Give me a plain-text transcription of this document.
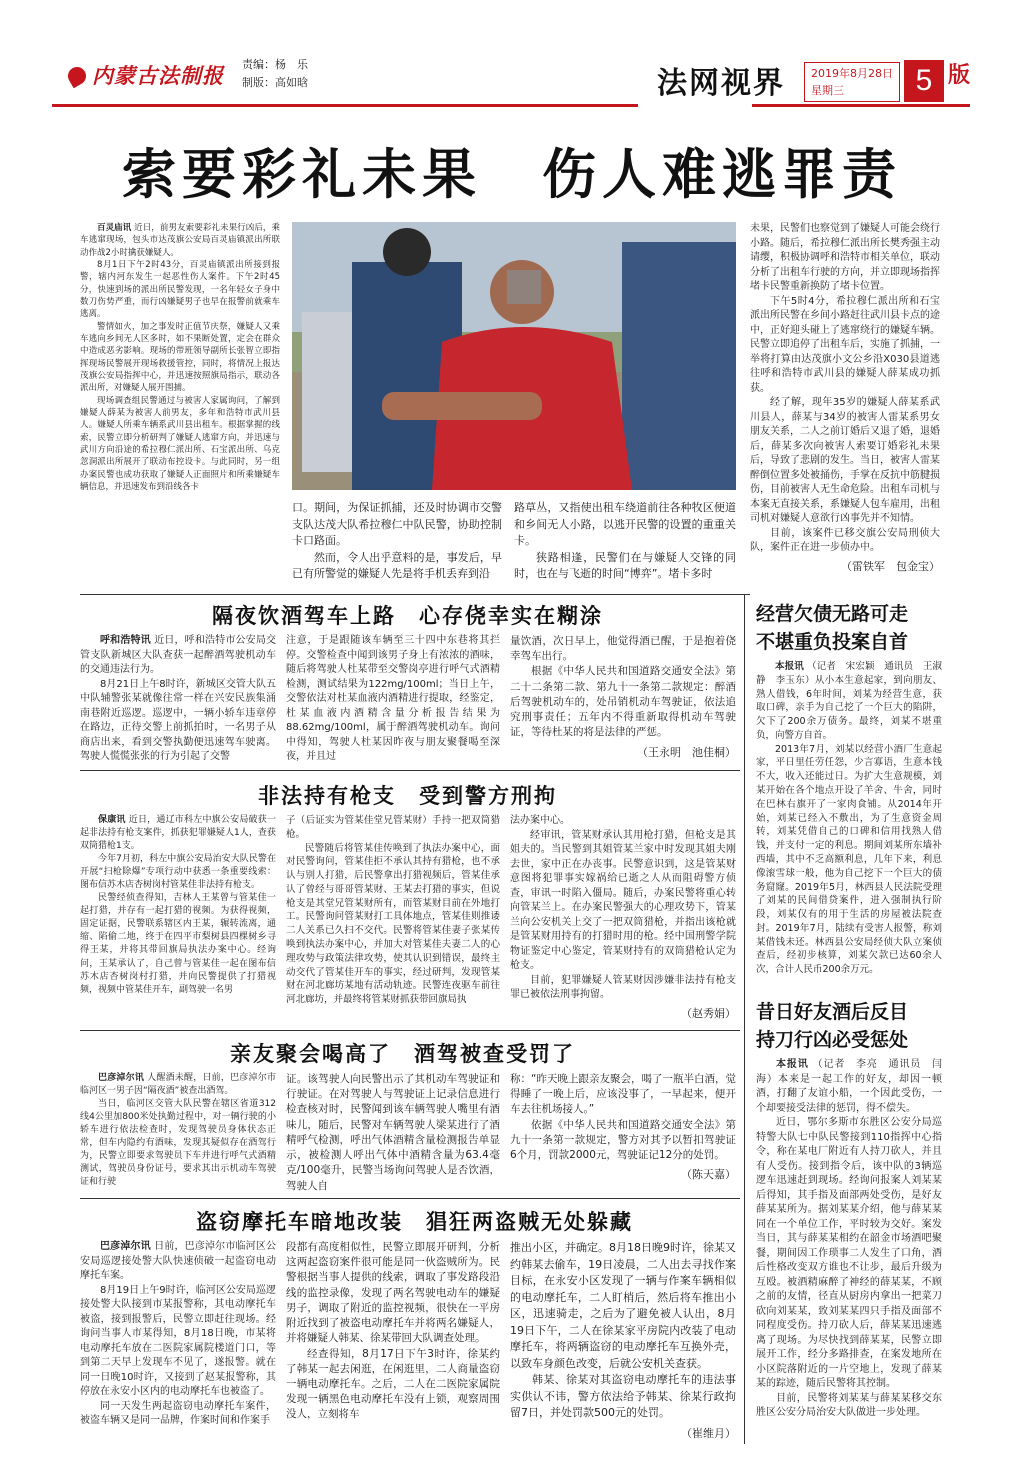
内蒙古法制报 责编：杨　乐
制版：高如晗	法网视界 2019年8月28日
星期三	5 版
索要彩礼未果　伤人难逃罪责

百灵庙讯 近日，前男友索要彩礼未果行凶后，乘车逃窜现场，包头市达茂旗公安局百灵庙镇派出所联动作战2小时擒获嫌疑人。

8月1日下午2时43分，百灵庙镇派出所接到报警，辖内河东发生一起恶性伤人案件。下午2时45分，快速到场的派出所民警发现，一名年轻女子身中数刀伤势严重，而行凶嫌疑男子也早在报警前就乘车逃离。

警情如火，加之事发时正值节庆祭，嫌疑人又乘车逃向乡间无人区多时，如不果断处置，定会在群众中造成恶劣影响。现场的带班领导副所长张智立即指挥现场民警展开现场救援管控，同时，将情况上报达茂旗公安局指挥中心，并迅速按照旗局指示，联动各派出所，对嫌疑人展开围捕。

现场调查组民警通过与被害人家属询问，了解到嫌疑人薛某为被害人前男友，多年和浩特市武川县人。嫌疑人所乘车辆系武川县出租车。根据掌握的线索，民警立即分析研判了嫌疑人逃窜方向，并迅速与武川方向沿途的希拉穆仁派出所、石宝派出所、乌克忽洞派出所展开了联动布控设卡。与此同时，另一组办案民警也成功获取了嫌疑人正面照片和所乘嫌疑车辆信息，并迅速发布到沿线各卡

口。期间，为保证抓捕，还及时协调市交警支队达茂大队希拉穆仁中队民警，协助控制卡口路面。

然而，令人出乎意料的是，事发后，早已有所警觉的嫌疑人先是将手机丢弃到沿

路草丛，又指使出租车绕道前往各种牧区便道和乡间无人小路，以逃开民警的设置的重重关卡。

狭路相逢，民警们在与嫌疑人交锋的同时，也在与飞逝的时间“博弈”。堵卡多时

未果，民警们也察觉到了嫌疑人可能会绕行小路。随后，希拉穆仁派出所长樊秀强主动请缨，积极协调呼和浩特市相关单位，联动分析了出租车行驶的方向，并立即现场指挥堵卡民警重新换防了堵卡位置。

下午5时4分，希拉穆仁派出所和石宝派出所民警在乡间小路赶往武川县卡点的途中，正好迎头碰上了逃窜绕行的嫌疑车辆。民警立即追停了出租车后，实施了抓捕，一举将打算由达茂旗小文公乡沿X030县道逃往呼和浩特市武川县的嫌疑人薛某成功抓获。

经了解，现年35岁的嫌疑人薛某系武川县人，薛某与34岁的被害人雷某系男女朋友关系，二人之前订婚后又退了婚，退婚后，薛某多次向被害人索要订婚彩礼未果后，导致了悲剧的发生。当日，被害人雷某醉倒位置多处被捅伤，手掌在反抗中筋腱损伤，目前被害人无生命危险。出租车司机与本案无直接关系，系嫌疑人包车雇用，出租司机对嫌疑人意欲行凶事先并不知情。

目前，该案件已移交旗公安局刑侦大队，案件正在进一步侦办中。

（雷铁军　包金宝）
隔夜饮酒驾车上路　心存侥幸实在糊涂

呼和浩特讯 近日，呼和浩特市公安局交管支队新城区大队查获一起醉酒驾驶机动车的交通违法行为。

8月21日上午8时许，新城区交管大队五中队辅警张某就像往常一样在兴安民族集涌南巷附近巡逻。巡逻中，一辆小轿车违章停在路边，正待交警上前抓拍时，一名男子从商店出来，看到交警执勤便迅速驾车驶离。驾驶人慌慌张张的行为引起了交警

注意，于是跟随该车辆至三十四中东巷将其拦停。交警检查中闻到该男子身上有浓浓的酒味，随后将驾驶人杜某带至交警岗亭进行呼气式酒精检测，测试结果为122mg/100ml；当日上午，交警依法对杜某血液内酒精进行提取，经鉴定，杜某血液内酒精含量分析报告结果为88.62mg/100ml，属于醉酒驾驶机动车。询问中得知，驾驶人杜某因昨夜与朋友聚餐喝至深夜，并且过

量饮酒，次日早上，他觉得酒已醒，于是抱着侥幸驾车出行。

根据《中华人民共和国道路交通安全法》第二十二条第二款、第九十一条第二款规定：醉酒后驾驶机动车的，处吊销机动车驾驶证，依法追究刑事责任；五年内不得重新取得机动车驾驶证，等待杜某的将是法律的严惩。

（王永明　池佳桐）
非法持有枪支　受到警方刑拘

保康讯 近日，通辽市科左中旗公安局破获一起非法持有枪支案件，抓获犯罪嫌疑人1人，查获双筒猎枪1支。

今年7月初，科左中旗公安局治安大队民警在开展“扫枪除爆”专项行动中获悉一条重要线索：图布信苏木店杏树岗村管某佳非法持有枪支。

民警经侦查得知，吉林人王某曾与管某佳一起打猎，并存有一起打猎的视频。为获得视频，固定证据，民警联系辖区内王某，辗转流离，通缩、陷偷二地，终于在四平市梨树县四棵树乡寻得王某，并将其带回旗局执法办案中心。经询问，王某承认了，自己曾与管某佳一起在图布信苏木店杏树岗村打猎，并向民警提供了打猎视频，视频中管某佳开车，副驾驶一名男

子（后证实为管某佳堂兄管某财）手持一把双筒猎枪。

民警随后将管某佳传唤到了执法办案中心，面对民警询问，管某佳拒不承认其持有猎枪，也不承认与别人打猎，后民警拿出打猎视频后，管某佳承认了曾经与哥哥管某财、王某去打猎的事实，但说枪支是其堂兄管某财所有，而管某财目前在外地打工。民警询问管某财打工具体地点，管某佳则推诿二人关系已久扫不交代。民警将管某佳妻子张某传唤到执法办案中心，并加大对管某佳夫妻二人的心理攻势与政策法律攻势，使其认识到错误，最终主动交代了管某佳开车的事实，经过研判，发现管某财在河北廊坊某地有活动轨迹。民警连夜驱车前往河北廊坊，并最终将管某财抓获带回旗局执

法办案中心。

经审讯，管某财承认其用枪打猎，但枪支是其姐夫的。当民警到其姐管某兰家中时发现其姐夫刚去世，家中正在办丧事。民警意识到，这是管某财意图将犯罪事实嫁祸给已逝之人从而阻碍警方侦查，审讯一时陷入僵局。随后，办案民警将重心转向管某兰上。在办案民警强大的心理攻势下，管某兰向公安机关上交了一把双筒猎枪，并指出该枪就是管某财用持有的打猎时用的枪。经中国刑警学院物证鉴定中心鉴定，管某财持有的双筒猎枪认定为枪支。

目前，犯罪嫌疑人管某财因涉嫌非法持有枪支罪已被依法刑事拘留。

（赵秀娟）
亲友聚会喝高了　酒驾被查受罚了

巴彦淖尔讯 人醒酒未醒，日前，巴彦淖尔市临河区一男子因“隔夜酒”被查出酒驾。

当日，临河区交管大队民警在辖区省道312线4公里加800米处执勤过程中，对一辆行驶的小轿车进行依法检查时，发现驾驶员身体状态正常，但车内隐约有酒味，发现其疑似存在酒驾行为，民警立即要求驾驶员下车并进行呼气式酒精测试，驾驶员身份证号，要求其出示机动车驾驶证和行驶

证。该驾驶人向民警出示了其机动车驾驶证和行驶证。在对驾驶人与驾驶证上记录信息进行检查核对时，民警闻到该车辆驾驶人嘴里有酒味儿，随后，民警对车辆驾驶人梁某进行了酒精呼气检测，呼出气体酒精含量检测报告单显示，被检测人呼出气体中酒精含量为63.4毫克/100毫升，民警当场询问驾驶人是否饮酒，驾驶人自

称：“昨天晚上跟亲友聚会，喝了一瓶半白酒，觉得睡了一晚上后，应该没事了，一早起来，便开车去往机场接人。”

依据《中华人民共和国道路交通安全法》第九十一条第一款规定，警方对其予以暂扣驾驶证6个月，罚款2000元，驾驶证记12分的处罚。

（陈天嘉）
盗窃摩托车暗地改装　猖狂两盗贼无处躲藏

巴彦淖尔讯 日前，巴彦淖尔市临河区公安局巡逻接处警大队快速侦破一起盗窃电动摩托车案。

8月19日上午9时许，临河区公安局巡逻接处警大队接到市某报警称，其电动摩托车被盗，接到报警后，民警立即赶往现场。经询问当事人市某得知，8月18日晚，市某将电动摩托车放在二医院家属院楼道门口，等到第二天早上发现车不见了，遂报警。就在同一日晚10时许，又接到了赵某报警称，其停放在永安小区内的电动摩托车也被盗了。

同一天发生两起盗窃电动摩托车案件，被盗车辆又是同一品牌，作案时间和作案手

段都有高度相似性，民警立即展开研判，分析这两起盗窃案件很可能是同一伙盗贼所为。民警根据当事人提供的线索，调取了事发路段沿线的监控录像，发现了两名驾驶电动车的嫌疑男子，调取了附近的监控视频，很快在一平房附近找到了被盗电动摩托车并将两名嫌疑人，并将嫌疑人韩某、徐某带回大队调查处理。

经查得知，8月17日下午3时许，徐某约了韩某一起去闲逛，在闲逛里，二人商量盗窃一辆电动摩托车。之后，二人在二医院家属院发现一辆黑色电动摩托车没有上锁，观察周围没人，立刻将车

推出小区，并确定。8月18日晚9时许，徐某又约韩某去偷车，19日凌晨，二人出去寻找作案目标，在永安小区发现了一辆与作案车辆相似的电动摩托车，二人盯梢后，然后将车推出小区，迅速骑走，之后为了避免被人认出，8月19日下午，二人在徐某家平房院内改装了电动摩托车，将两辆盗窃的电动摩托车互换外壳，以致车身颜色改变，后就公安机关查获。

韩某、徐某对其盗窃电动摩托车的违法事实供认不讳，警方依法给予韩某、徐某行政拘留7日，并处罚款500元的处罚。

（崔维月）
经营欠债无路可走
不堪重负投案自首

本报讯 （记者　宋宏颖　通讯员　王淑静　李玉东）从小本生意起家，到向朋友、熟人借钱，6年时间，刘某为经营生意，获取口碑，亲手为自己挖了一个巨大的陷阱，欠下了200余万债务。最终，刘某不堪重负，向警方自首。

2013年7月，刘某以经营小酒厂生意起家，平日里任劳任怨，少言寡语，生意本钱不大，收入还能过日。为扩大生意规模，刘某开始在各个地点开设了羊舍、牛舍，同时在巴林右旗开了一家肉食铺。从2014年开始，刘某已经入不敷出，为了生意资金周转，刘某凭借自己的口碑和信用找熟人借钱，并支付一定的利息。期间刘某所东墙补西墙，其中不乏高额利息，几年下来，利息像滚雪球一般，他为自己挖下一个巨大的债务窟窿。2019年5月，林西县人民法院受理了刘某的民间借贷案件，进入强制执行阶段，刘某仅有的用于生活的房屋被法院查封。2019年7月，陆续有受害人报警，称刘某借钱未还。林西县公安局经侦大队立案侦查后，经初步核算，刘某欠款已达60余人次，合计人民币200余万元。

昔日好友酒后反目
持刀行凶必受惩处

本报讯 （记者　李亮　通讯员　闫海）本来是一起工作的好友，却因一顿酒，打翻了友谊小船，一个因此受伤，一个却要接受法律的惩罚，得不偿失。

近日，鄂尔多斯市东胜区公安分局巡特警大队七中队民警接到110指挥中心指令，称在某电厂附近有人持刀砍人，并且有人受伤。接到指令后，该中队的3辆巡逻车迅速赶到现场。经询问报案人刘某某后得知，其手指及面部两处受伤，是好友薛某某所为。据刘某某介绍，他与薛某某同在一个单位工作，平时较为交好。案发当日，其与薛某某相约在韶金市场酒吧聚餐，期间因工作琐事二人发生了口角，酒后性格改变双方谁也不让步，最后升级为互殴。被酒精麻醉了神经的薛某某，不顾之前的友情，径直从厨房内拿出一把菜刀砍向刘某某，致刘某某四只手指及面部不同程度受伤。持刀砍人后，薛某某迅速逃离了现场。为尽快找到薛某某，民警立即展开工作，经分多路排查，在案发地所在小区院落附近的一片空地上，发现了薛某某的踪迹，随后民警将其控制。

目前，民警将刘某某与薛某某移交东胜区公安分局治安大队做进一步处理。
